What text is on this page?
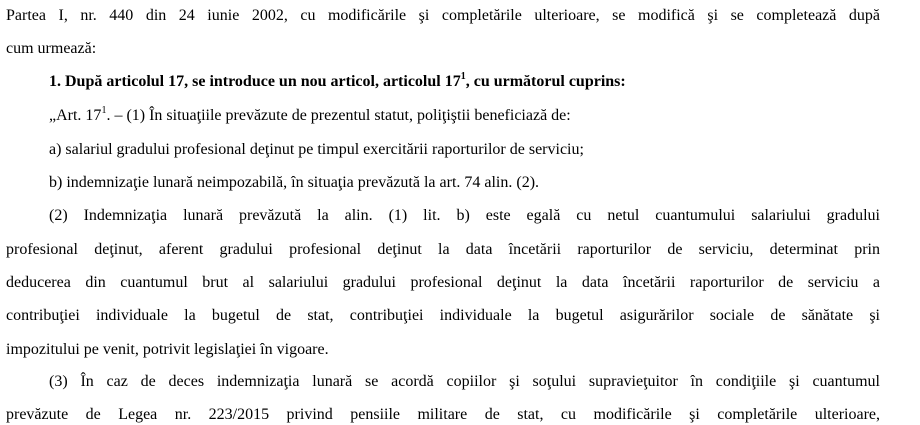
Partea I, nr. 440 din 24 iunie 2002, cu modificările şi completările ulterioare, se modifică şi se completează după
cum urmează:
1. După articolul 17, se introduce un nou articol, articolul $17^1$, cu următorul cuprins:
„Art. $17^1$. – (1) În situaţiile prevăzute de prezentul statut, poliţiştii beneficiază de:
a) salariul gradului profesional deţinut pe timpul exercitării raporturilor de serviciu;
b) indemnizaţie lunară neimpozabilă, în situaţia prevăzută la art. 74 alin. (2).
(2) Indemnizaţia lunară prevăzută la alin. (1) lit. b) este egală cu netul cuantumului salariului gradului
profesional deţinut, aferent gradului profesional deţinut la data încetării raporturilor de serviciu, determinat prin
deducerea din cuantumul brut al salariului gradului profesional deţinut la data încetării raporturilor de serviciu a
contribuţiei individuale la bugetul de stat, contribuţiei individuale la bugetul asigurărilor sociale de sănătate şi
impozitului pe venit, potrivit legislaţiei în vigoare.
(3) În caz de deces indemnizaţia lunară se acordă copiilor şi soţului supravieţuitor în condiţiile şi cuantumul
prevăzute de Legea nr. 223/2015 privind pensiile militare de stat, cu modificările şi completările ulterioare,
